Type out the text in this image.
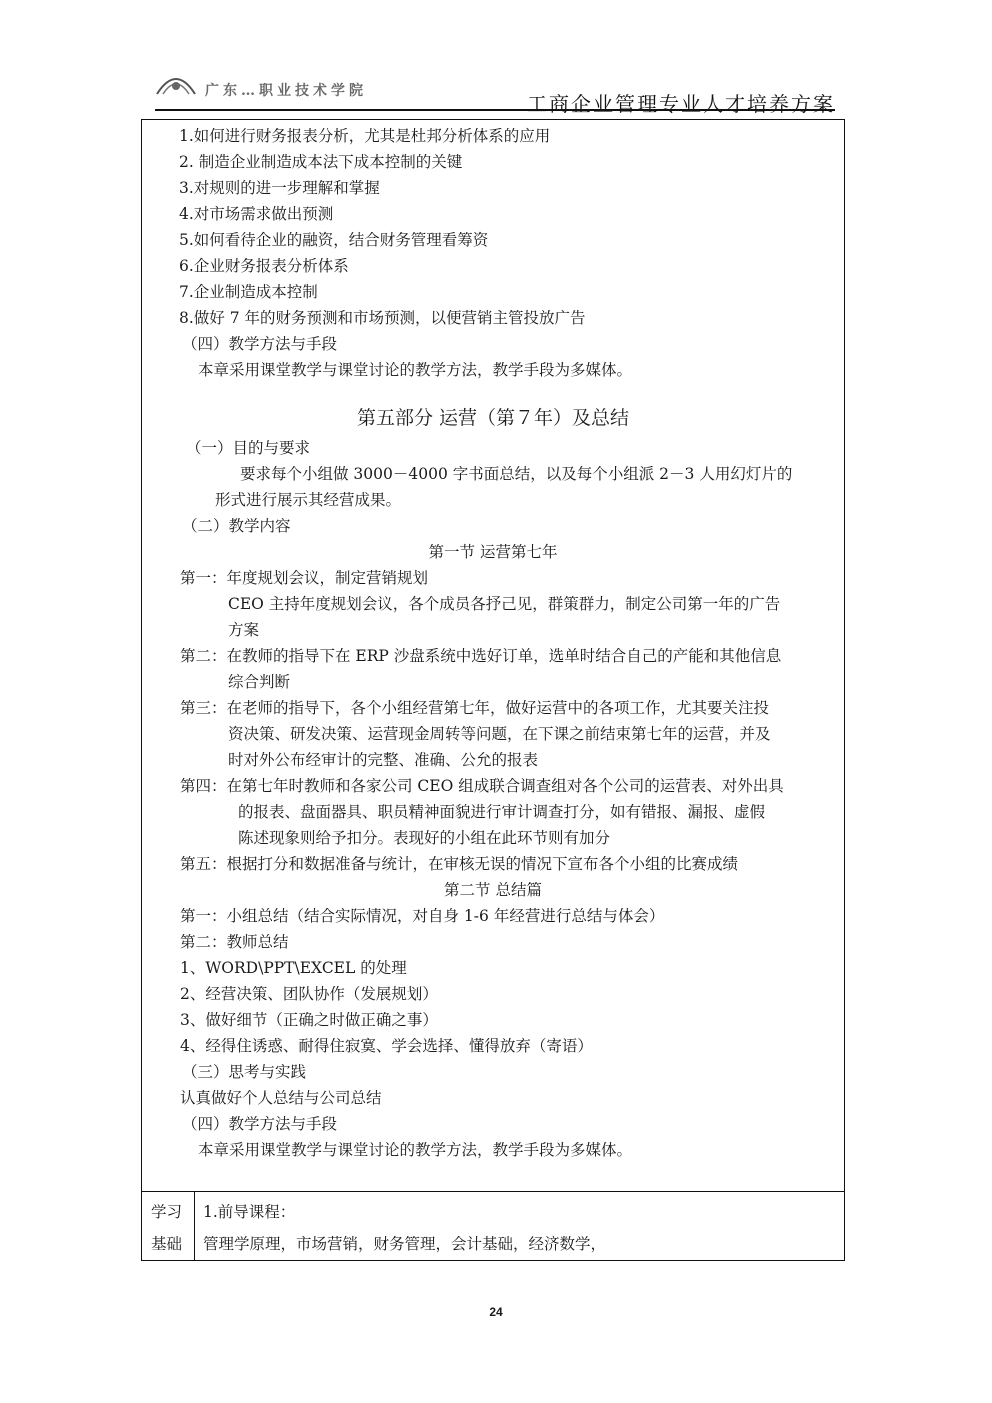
广东…职业技术学院
工商企业管理专业人才培养方案
1.如何进行财务报表分析，尤其是杜邦分析体系的应用
2. 制造企业制造成本法下成本控制的关键
3.对规则的进一步理解和掌握
4.对市场需求做出预测
5.如何看待企业的融资，结合财务管理看筹资
6.企业财务报表分析体系
7.企业制造成本控制
8.做好 7 年的财务预测和市场预测，以便营销主管投放广告
（四）教学方法与手段
本章采用课堂教学与课堂讨论的教学方法，教学手段为多媒体。
第五部分 运营（第７年）及总结
（一）目的与要求
要求每个小组做 3000－4000 字书面总结，以及每个小组派 2－3 人用幻灯片的
形式进行展示其经营成果。
（二）教学内容
第一节 运营第七年
第一：年度规划会议，制定营销规划
CEO 主持年度规划会议，各个成员各抒己见，群策群力，制定公司第一年的广告
方案
第二：在教师的指导下在 ERP 沙盘系统中选好订单，选单时结合自己的产能和其他信息
综合判断
第三：在老师的指导下，各个小组经营第七年，做好运营中的各项工作，尤其要关注投
资决策、研发决策、运营现金周转等问题，在下课之前结束第七年的运营，并及
时对外公布经审计的完整、准确、公允的报表
第四：在第七年时教师和各家公司 CEO 组成联合调查组对各个公司的运营表、对外出具
的报表、盘面器具、职员精神面貌进行审计调查打分，如有错报、漏报、虚假
陈述现象则给予扣分。表现好的小组在此环节则有加分
第五：根据打分和数据准备与统计，在审核无误的情况下宣布各个小组的比赛成绩
第二节 总结篇
第一：小组总结（结合实际情况，对自身 1-6 年经营进行总结与体会）
第二：教师总结
1、WORD\PPT\EXCEL 的处理
2、经营决策、团队协作（发展规划）
3、做好细节（正确之时做正确之事）
4、经得住诱惑、耐得住寂寞、学会选择、懂得放弃（寄语）
（三）思考与实践
认真做好个人总结与公司总结
（四）教学方法与手段
本章采用课堂教学与课堂讨论的教学方法，教学手段为多媒体。
学习
基础
1.前导课程：
管理学原理，市场营销，财务管理，会计基础，经济数学，
24
